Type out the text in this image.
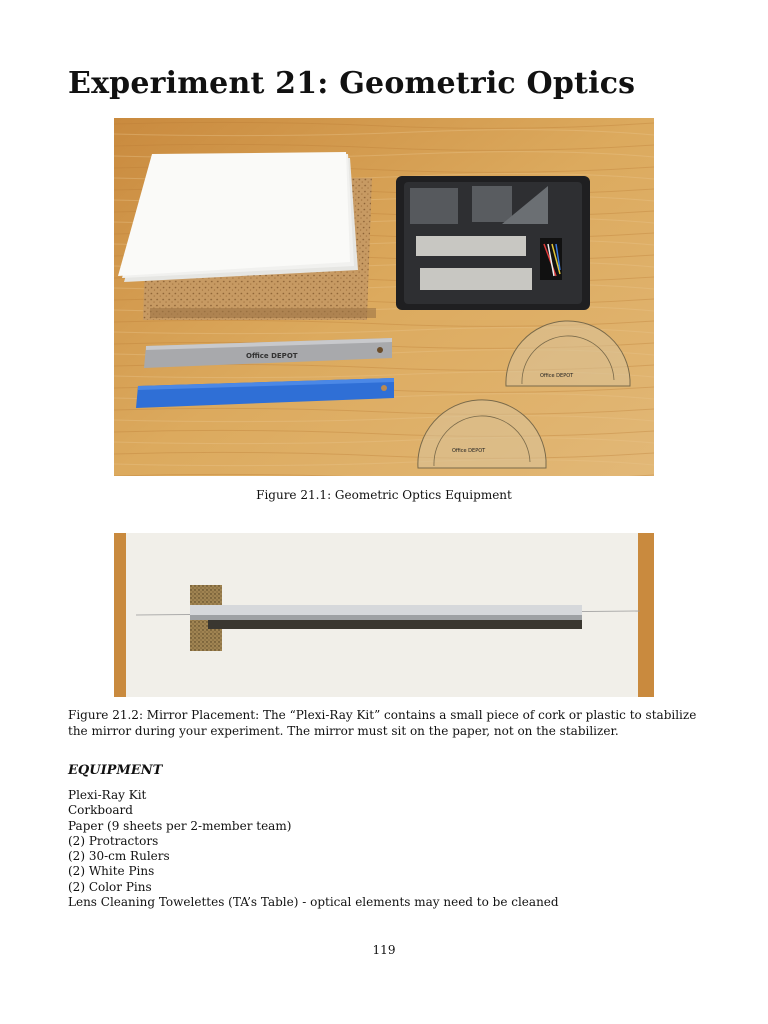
Experiment 21: Geometric Optics
Office DEPOT
Office DEPOT
Office DEPOT
Figure 21.1: Geometric Optics Equipment
Figure 21.2: Mirror Placement: The “Plexi-Ray Kit” contains a small piece of cork or plastic to stabilize the mirror during your experiment. The mirror must sit on the paper, not on the stabilizer.
EQUIPMENT
Plexi-Ray Kit
Corkboard
Paper (9 sheets per 2-member team)
(2) Protractors
(2) 30-cm Rulers
(2) White Pins
(2) Color Pins
Lens Cleaning Towelettes (TA’s Table) - optical elements may need to be cleaned
119
